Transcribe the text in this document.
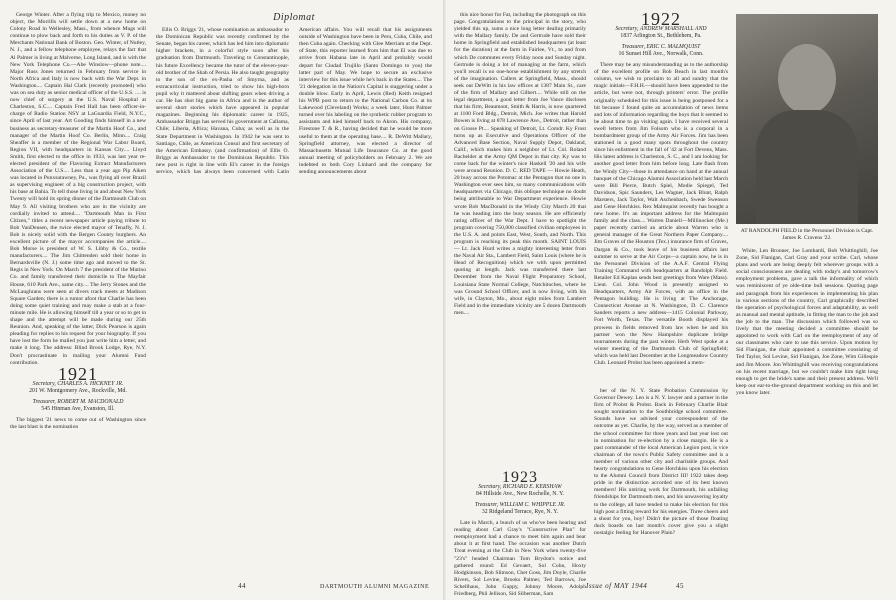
George Winter. After a flying trip to Mexico, money no object, the Morrills will settle down at a new home on Colony Road in Wellesley, Mass., from whence Mugs will continue to plow back and forth to his duties as V. P. of the Merchants National Bank of Boston. Geo. Winter, of Nutley, N. J., and a fellow telephone employee, relays the fact that Al Palmer is living at Malverne, Long Island, and is with the New York Telephone Co.—Abe Winslow—phone note.... Major Russ Jones returned in February from service in North Africa and Italy is now back with the War Dept. in Washington.... Captain Hal Clark (recently promoted) who was on sea duty as senior medical officer of the U.S.S. .... is now chief of surgery at the U.S. Naval Hospital at Charleston, S.C.... Captain Fred Hall has been officer-in-charge of Radio Station NSY at LaGuardia Field, N.Y.C., since April of last year. Art Gooding finds himself in a new business as secretary-treasurer of the Martin Hoof Co., and manager of the Martin Hoof Co. Berlin, Minn.... Craig Sheaffer is a member of the Regional War Labor Board, Region VII, with headquarters in Kansas City.... Lloyd Smith, first elected to the office in 1933, was last year re-elected president of the Flavoring Extract Manufacturers Association of the U.S.... Less than a year ago Pip Aiken was located in Punxsutawney, Pa., was flying all over Brazil as supervising engineer of a big construction project, with his base at Bahia. To tell those living in and about New York Twenty will hold its spring dinner of the Dartmouth Club on May 9. All visiting brothers who are in the vicinity are cordially invited to attend.... "Dartmouth Man in First Citizen," titles a recent newspaper article paying tribute to Bob VanDeusen, the twice elected mayor of Tenafly, N. J. Bob is nicely solid with the Bergen County burghers. An excellent picture of the mayor accompanies the article.... Bob Morse is president of W. S. Libby & Co., textile manufacturers.... The Jim Chittenden sold their home in Bernardsville (N. J.) some time ago and moved to the St. Regis in New York. On March 7 the president of the Mutino Co. and family transferred their domicile to The Mayfair House, 610 Park Ave., same city.... The Jerry Stones and the McLaughrans were seen at divers track meets at Madison Square Garden; there is a rumor afoot that Charlie has been doing some quiet training and may make a stab at a four-minute mile. He is allowing himself till a year or so to get in shape and the attempt will be made during our 25th Reunion. And, speaking of the latter, Dick Pearson is again pleading for replies to his request for your biography. If you have lost the form he mailed you just write him a letter, and make it long. The address: Blind Brook Lodge, Rye, N.Y. Don't procrastinate in mailing your Alumni Fund contribution.

1921
Secretary, CHARLES A. HICKNEY JR.
201 W. Montgomery Ave., Rockville, Md.
Treasurer, ROBERT M. MACDONALD
545 Hinman Ave, Evanston, Ill.

The biggest '21 news to come out of Washington since the last blast is the nomination

Diplomat

Ellis O. Briggs '21, whose nomination as ambassador to the Dominican Republic was recently confirmed by the Senate, began his career, which has led him into diplomatic higher brackets, in a colorful style soon after his graduation from Dartmouth. Traveling to Constantinople, his future Excellency became the tutor of the eleven-year-old brother of the Shah of Persia. He also taught geography to the son of the ex-Pasha of Smyrna, and as extracurricular instruction, tried to show his high-born pupil why it mattered about shifting gears when driving a car. He has shot big game in Africa and is the author of several short stories which have appeared in popular magazines. Beginning his diplomatic career in 1925, Ambassador Briggs has served his government at Callama, Chile; Liberia, Africa; Havana, Cuba; as well as in the State Department in Washington. In 1942 he was sent to Santiago, Chile, as American Consul and first secretary of the American Embassy. (and confirmation) of Ellis O. Briggs as Ambassador to the Dominican Republic. This new post is right in line with El's career in the foreign service, which has always been concerned with Latin American affairs. You will recall that his assignments outside of Washington have been in Peru, Cuba, Chile, and then Cuba again. Checking with Glee Merriam at the Dept. of State, this reporter learned from him that El was due to arrive from Habana late in April and probably would depart for Ciudad Trujillo (Santo Domingo to you) the latter part of May. We hope to secure an exclusive interview for this issue while he's back in the States.... The '21 delegation in the Nation's Capital is staggering under a double blow. Early in April, Lewis (Red) Keith resigned his WPB post to return to the National Carbon Co. at its Lakewood (Cleveland) Works; a week later, Hunt Palmer turned over his labeling on the synthetic rubber program to assistants and hied himself back to Akron. His company, Firestone T. & R., having decided that he would be more useful to them at the operating base.... R. DeWitt Mallary, Springfield attorney, was elected a director of Massachusetts Mutual Life Insurance Co. at the good annual meeting of policyholders on February 2. We are indebted to both Cory Linhard and the company for sending announcements about

44	DARTMOUTH ALUMNI MAGAZINE

this nice honor for Fat, including the photograph on this page. Congratulations to the principal in the story, who yielded this up, sums a nice long letter dealing primarily with the Mallary family. De and Gertrude have sold their home in Springfield and established headquarters (at least for the duration) at the farm in Fairlee, Vt., to and from which De commutes every Friday noon and Sunday night. Gertrude is doing a lot of managing at the farm, which you'll recall is no one-horse establishment by any stretch of the imagination. Callers at Springfield, Mass., should seek out DeWitt in his law offices at 1387 Main St., care of the firm of Mallary and Gilbert.... While still on the legal department, a good letter from Joe Vance discloses that his firm, Beaumont, Smith & Harris, is now quartered at 1100 Ford Bldg., Detroit, Mich. Joe writes that Harold Bowen is living at 878 Lawrence Ave., Detroit, rather than on Grosse Pt.... Speaking of Detroit, Lt. Comdr. Ky Frost turns up as Executive and Operations Officer of the Advanced Base Section, Naval Supply Depot, Oakland, Calif., which makes him a neighbor of Lt. Col. Roland Bachelder at the Army QM Depot in that city. Ky was to come back for the winter's nice Haskell '20 and his wife were around Reunion. D. C. RED TAPE — Howie Heath, 20 busy across the Potomac at the Pentagon that no one in Washington ever sees him, so many communications with headquarters via Chicago, this oblique technique no doubt being attributable to War Department experience. Howie wrote Bob MacDonald in the Windy City March 20 that he was heading into the busy season. He are efficiently rating officer of the War Dept. I have to spotlight the program covering 750,000 classified civilian employees in the U.S. A. and points East, West, South, and North. This program is reaching its peak this month. SAINT LOUIS — Lt. Jack Hurd writes a mighty interesting letter from the Naval Air Sta., Lambert Field, Saint Louis (where he is Head of Recognition) which we with upon permitted quoting at length. Jack was transferred there last December from the Naval Flight Preparatory School, Louisiana State Normal College, Natchitoches, where he was Ground School Officer, and is now living, with his wife, in Clayton, Mo., about eight miles from Lambert Field and in the immediate vicinity are 5 dozen Dartmouth men....

1922
Secretary, ANDREW MARSHALL AND
1837 Arlington St., Bethlehem, Pa.
Treasurer, ERIC C. MALMQUIST
16 Sunset Hill Ave., Norwalk, Conn.

There may be any misunderstanding as to the authorship of the excellent profile on Bob Beach in last month's column, we wish to proclaim to all and sundry that the magic initials—F.H.H.—should have been appended to the article, but were not, through printers' error. The profile originally scheduled for this issue is being postponed for a bit because I found quite an accumulation of news items and lots of information regarding the boys that it seemed to be about time to go visiting again. I have received several swell letters from Jim Folsom who is a corporal in a bombardment group of the Army Air Forces. Jim has been stationed in a good many spots throughout the country since his enlistment in the fall of '42 at Fort Devens, Mass. His latest address is Charleston, S. C., and I am looking for another good letter from him before long. Late flash from the Windy City—those in attendance on hand at the annual banquet of the Chicago Alumni Association held last March were Bill Pierce, Butch Spiel, Modie Spiegel, Ted Davidson, Spic Saunders, Les Wagner, Jack Blunt, Ralph Marsters, Jack Taylor, Walt Aschenbach, Swede Swenson and Gene Hotchkiss. Rex Malmquist recently has bought a new home. It's an important address for the Malmquist family and the class.... Warren Daniell—Millinocket (Me.) paper recently carried an article about Warren who is general manager of the Great Northern Paper Company.... Jim Graves of the Houston (Tex.) insurance firm of Graves, Dargan & Co., took leave of his business affairs last summer to serve at the Air Corps—a captain now, he is in the Personnel Division of the A.A.F. Central Flying Training Command with headquarters at Randolph Field. Retailer Ed Kaplan sends best greetings from Ware (Mass). Lieut. Col. John Wood is presently assigned to Headquarters, Army Air Forces, with an office in the Pentagon building. He is living at The Anchorage, Connecticut Avenue at N. Washington, D. C. Clarence Sanders reports a new address—1415 Colonial Parkway, Fort Worth, Texas. The versatile Booth displayed his prowess in fields removed from law when he and his partner won the New Hampshire duplicate bridge tournaments during the past winter. Herb West spoke at a winter meeting of the Dartmouth Club of Springfield; which was held last December at the Longmeadow Country Club. Leonard Probst has been appointed a mem-

AT RANDOLPH FIELD in the Personnel Division is Capt. James R. Cravens '22.

White, Len Bronner, Joe Lombardi, Bob Whittinghill, Joe Zone, Sid Flanigan, Carl Gray and your scribe. Carl, whose plans and work are being deeply felt wherever groups with a social consciousness are dealing with today's and tomorrow's employment problems, gave a talk the informality of which was reminiscent of ye olde-time bull sessions. Quoting page and paragraph from his experiences in implementing his plan in various sections of the country, Carl graphically described the operation of psychological forces and adaptability, as well as manual and mental aptitude, in fitting the man to the job and the job to the man. The discussion which followed was so lively that the meeting decided a committee should be appointed to work with Carl on the reemployment of any of our classmates who care to use this service. Upon motion by Sid Flanigan, the chair appointed a committee consisting of Ted Taylor, Sol Levine, Sid Flanigan, Joe Zone, Wim Gillespie and Jim Moore. Jon Whittinghill was receiving congratulations on his recent marriage, but we couldn't make him tight long enough to get the bride's name and their present address. We'll keep our ear-to-the-ground department working on this and let you know later.

ber of the N. Y. State Probation Commission by Governor Dewey. Len is a N. Y. lawyer and a partner in the firm of Probst & Probst. Back in February Charlie Blair sought nomination to the Southbridge school committee. Sounds have we advised your correspondent of the outcome as yet. Charlie, by the way, served as a member of the school committee for three years and last year lost out in nomination for re-election by a close margin. He is a past commander of the local American Legion post, is vice chairman of the town's Public Safety committee and is a member of various other city and charitable groups. And hearty congratulations to Gene Hotchkiss upon his election to the Alumni Council from District III! 1922 takes deep pride in the distinction accorded one of its best known members! His untiring work for Dartmouth, his unfailing friendships for Dartmouth men, and his unwavering loyalty to the college, all have tended to make his election for this high post a fitting reward for his energies. Three cheers and a shout for you, boy! Didn't the picture of those floating duck boards on last month's cover give you a slight nostalgic feeling for Hanover Plain?

1923
Secretary, RICHARD E. KERSHAW
84 Hillside Ave., New Rochelle, N. Y.
Treasurer, WILLIAM C. WHIPPLE JR.
32 Ridgeland Terrace, Rye, N. Y.

Late in March, a bunch of us who've been hearing and reading about Carl Gray's "Constructive Plan" for reemployment had a chance to meet him again and hear about it at first hand. The occasion was another Dutch Treat evening at the Club in New York when twenty-five "23's" headed Chairman Tom Brydon's notice and gathered round: Ed Gevaert, Sol Cohn, Hoxty Hodgkinson, Bob Slimson, Chet Goss, Jim Doyle, Charlie Rivers, Sol Levine, Brooks Palmer, Ted Barrows, Joe Schellhaus, John Guppy, Johnny Moore, Adolph Friedberg, Phil Jellison, Sid Silberman, Sam

Issue of MAY 1944	45
